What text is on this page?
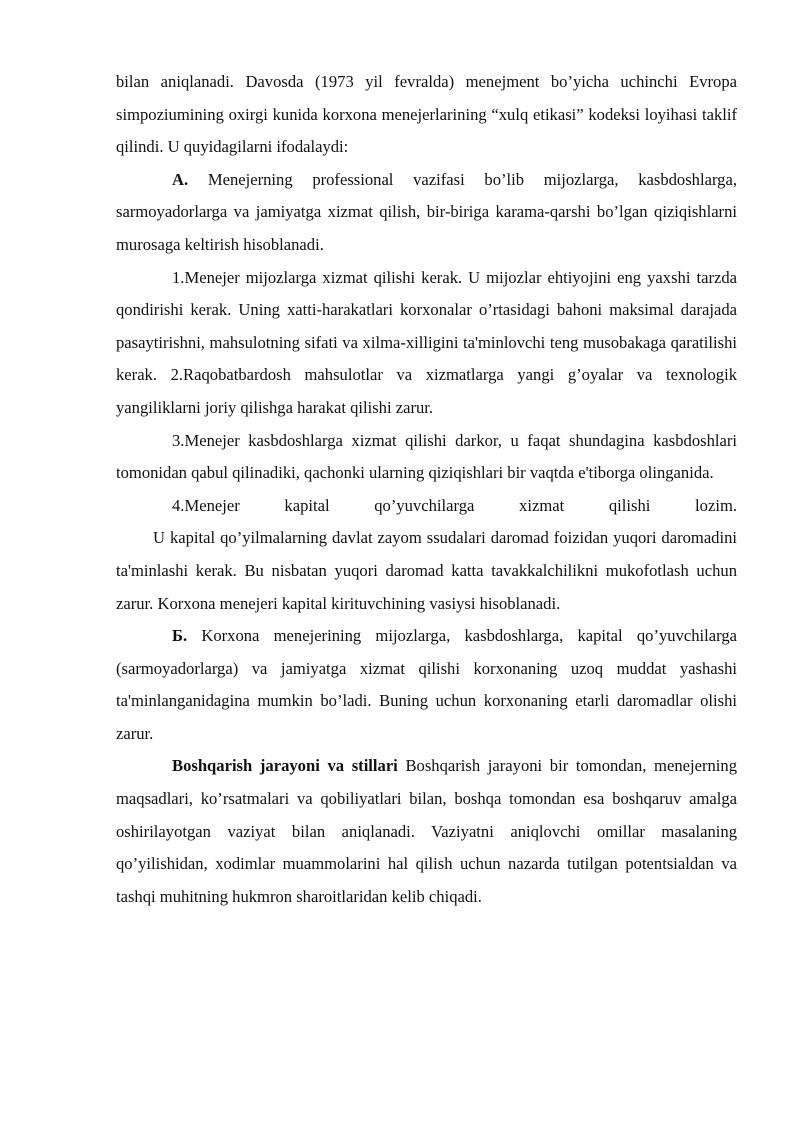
bilan aniqlanadi. Davosda (1973 yil fevralda) menejment bo’yicha uchinchi Evropa simpoziumining oxirgi kunida korxona menejerlarining “xulq etikasi” kodeksi loyihasi taklif qilindi. U quyidagilarni ifodalaydi:

A. Menejerning professional vazifasi bo’lib mijozlarga, kasbdoshlarga, sarmoyadorlarga va jamiyatga xizmat qilish, bir-biriga karama-qarshi bo’lgan qiziqishlarni murosaga keltirish hisoblanadi.

1.Menejer mijozlarga xizmat qilishi kerak. U mijozlar ehtiyojini eng yaxshi tarzda qondirishi kerak. Uning xatti-harakatlari korxonalar o’rtasidagi bahoni maksimal darajada pasaytirishni, mahsulotning sifati va xilma-xilligini ta'minlovchi teng musobakaga qaratilishi kerak. 2.Raqobatbardosh mahsulotlar va xizmatlarga yangi g’oyalar va texnologik yangiliklarni joriy qilishga harakat qilishi zarur.

3.Menejer kasbdoshlarga xizmat qilishi darkor, u faqat shundagina kasbdoshlari tomonidan qabul qilinadiki, qachonki ularning qiziqishlari bir vaqtda e'tiborga olinganida.

4.Menejer kapital qo’yuvchilarga xizmat qilishi lozim.

U kapital qo’yilmalarning davlat zayom ssudalari daromad foizidan yuqori daromadini ta'minlashi kerak. Bu nisbatan yuqori daromad katta tavakkalchilikni mukofotlash uchun zarur. Korxona menejeri kapital kirituvchining vasiysi hisoblanadi.

Б. Korxona menejerining mijozlarga, kasbdoshlarga, kapital qo’yuvchilarga (sarmoyadorlarga) va jamiyatga xizmat qilishi korxonaning uzoq muddat yashashi ta'minlanganidagina mumkin bo’ladi. Buning uchun korxonaning etarli daromadlar olishi zarur.

Boshqarish jarayoni va stillari Boshqarish jarayoni bir tomondan, menejerning maqsadlari, ko’rsatmalari va qobiliyatlari bilan, boshqa tomondan esa boshqaruv amalga oshirilayotgan vaziyat bilan aniqlanadi. Vaziyatni aniqlovchi omillar masalaning qo’yilishidan, xodimlar muammolarini hal qilish uchun nazarda tutilgan potentsialdan va tashqi muhitning hukmron sharoitlaridan kelib chiqadi.
